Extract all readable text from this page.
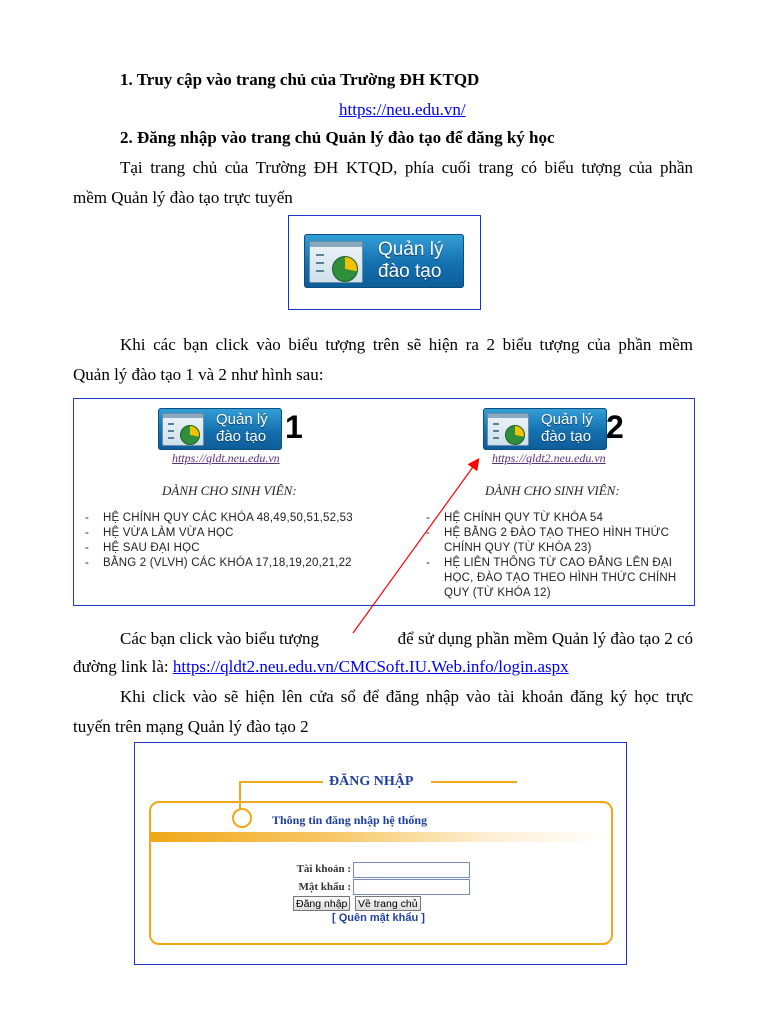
1. Truy cập vào trang chủ của Trường ĐH KTQD
https://neu.edu.vn/
2. Đăng nhập vào trang chủ Quản lý đào tạo để đăng ký học
Tại trang chủ của Trường ĐH KTQD, phía cuối trang có biểu tượng của phần
mềm Quản lý đào tạo trực tuyến
Quản lý
đào tạo
Khi các bạn click vào biểu tượng trên sẽ hiện ra 2 biểu tượng của phần mềm
Quản lý đào tạo 1 và 2 như hình sau:
Quản lý
đào tạo 1
https://qldt.neu.edu.vn
DÀNH CHO SINH VIÊN:
- HỆ CHÍNH QUY CÁC KHÓA 48,49,50,51,52,53
- HỆ VỪA LÀM VỪA HỌC
- HỆ SAU ĐẠI HỌC
- BẰNG 2 (VLVH) CÁC KHÓA 17,18,19,20,21,22
Quản lý
đào tạo 2
https://qldt2.neu.edu.vn
DÀNH CHO SINH VIÊN:
- HỆ CHÍNH QUY TỪ KHÓA 54
- HỆ BẰNG 2 ĐÀO TẠO THEO HÌNH THỨC CHÍNH QUY (TỪ KHÓA 23)
- HỆ LIÊN THÔNG TỪ CAO ĐẲNG LÊN ĐẠI HỌC, ĐÀO TẠO THEO HÌNH THỨC CHÍNH QUY (TỪ KHÓA 12)
Các bạn click vào biểu tượng	để sử dụng phần mềm Quản lý đào tạo 2 có
đường link là: https://qldt2.neu.edu.vn/CMCSoft.IU.Web.info/login.aspx
Khi click vào sẽ hiện lên cửa sổ để đăng nhập vào tài khoản đăng ký học trực
tuyến trên mạng Quản lý đào tạo 2
ĐĂNG NHẬP
Thông tin đăng nhập hệ thống
Tài khoản :
Mật khẩu :
Đăng nhập Về trang chủ
[ Quên mật khẩu ]
